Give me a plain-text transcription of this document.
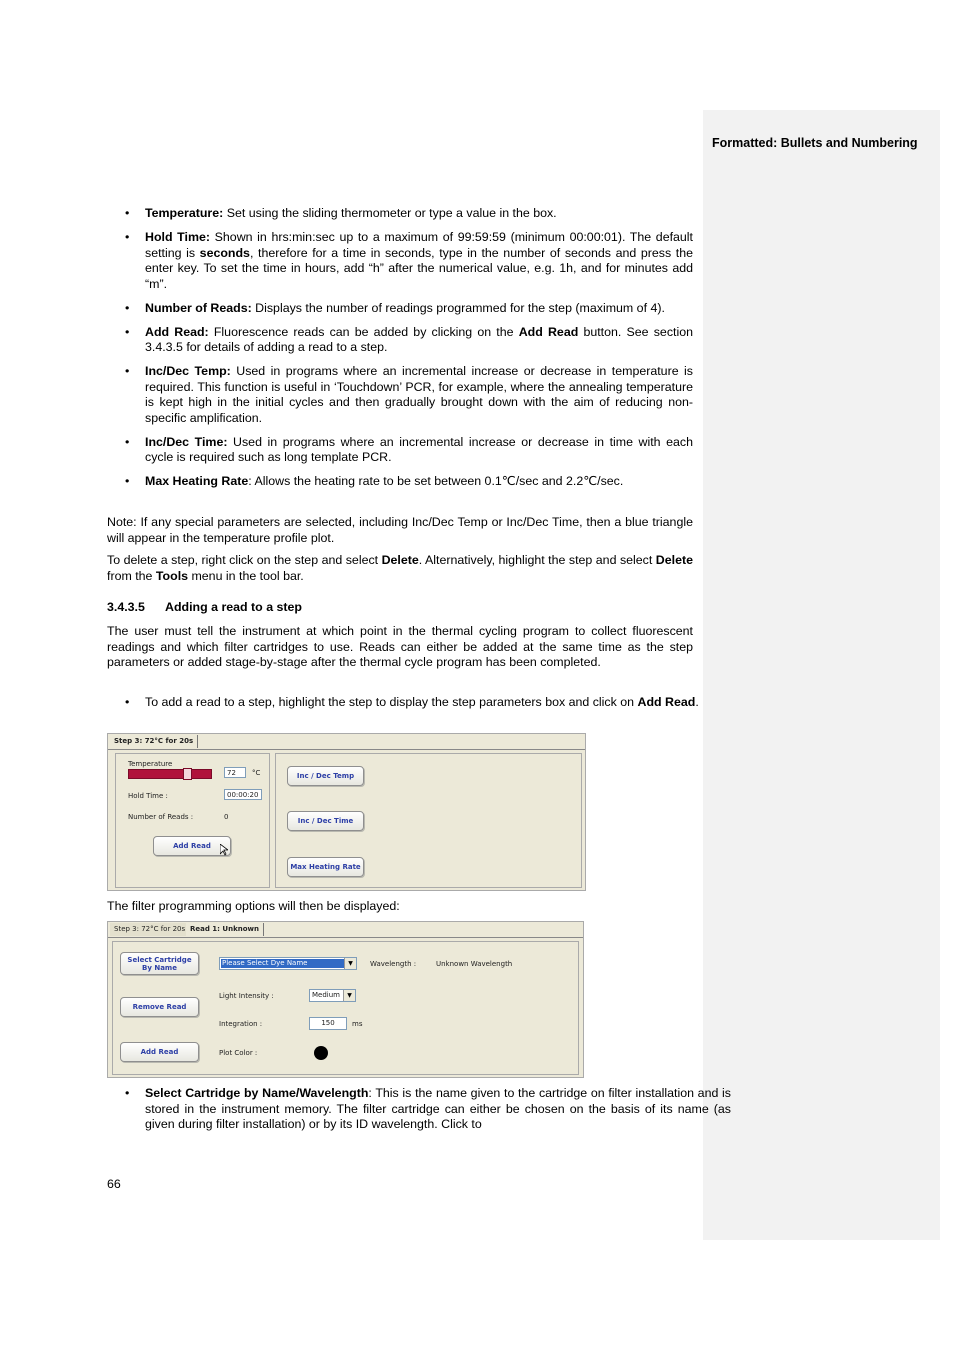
Formatted: Bullets and Numbering
• Temperature: Set using the sliding thermometer or type a value in the box.
• Hold Time: Shown in hrs:min:sec up to a maximum of 99:59:59 (minimum 00:00:01). The default setting is seconds, therefore for a time in seconds, type in the number of seconds and press the enter key. To set the time in hours, add “h” after the numerical value, e.g. 1h, and for minutes add “m”.
• Number of Reads: Displays the number of readings programmed for the step (maximum of 4).
• Add Read: Fluorescence reads can be added by clicking on the Add Read button. See section 3.4.3.5 for details of adding a read to a step.
• Inc/Dec Temp: Used in programs where an incremental increase or decrease in temperature is required. This function is useful in ‘Touchdown’ PCR, for example, where the annealing temperature is kept high in the initial cycles and then gradually brought down with the aim of reducing non-specific amplification.
• Inc/Dec Time: Used in programs where an incremental increase or decrease in time with each cycle is required such as long template PCR.
• Max Heating Rate: Allows the heating rate to be set between 0.1℃/sec and 2.2℃/sec.

Note: If any special parameters are selected, including Inc/Dec Temp or Inc/Dec Time, then a blue triangle will appear in the temperature profile plot.

To delete a step, right click on the step and select Delete. Alternatively, highlight the step and select Delete from the Tools menu in the tool bar.

3.4.3.5 Adding a read to a step

The user must tell the instrument at which point in the thermal cycling program to collect fluorescent readings and which filter cartridges to use. Reads can either be added at the same time as the step parameters or added stage-by-stage after the thermal cycle program has been completed.

• To add a read to a step, highlight the step to display the step parameters box and click on Add Read.

The filter programming options will then be displayed:

• Select Cartridge by Name/Wavelength: This is the name given to the cartridge on filter installation and is stored in the instrument memory. The filter cartridge can either be chosen on the basis of its name (as given during filter installation) or by its ID wavelength. Click to
Step 3: 72°C for 20s
Temperature
72	°C
Hold Time :	00:00:20
Number of Reads :	0
Add Read
Inc / Dec Temp
Inc / Dec Time
Max Heating Rate
Step 3: 72°C for 20s Read 1: Unknown
Select Cartridge
By Name
Remove Read
Add Read
Please Select Dye Name	▼	Wavelength :	Unknown Wavelength
Light Intensity :	Medium	▼
Integration :	150	ms
Plot Color :
66
